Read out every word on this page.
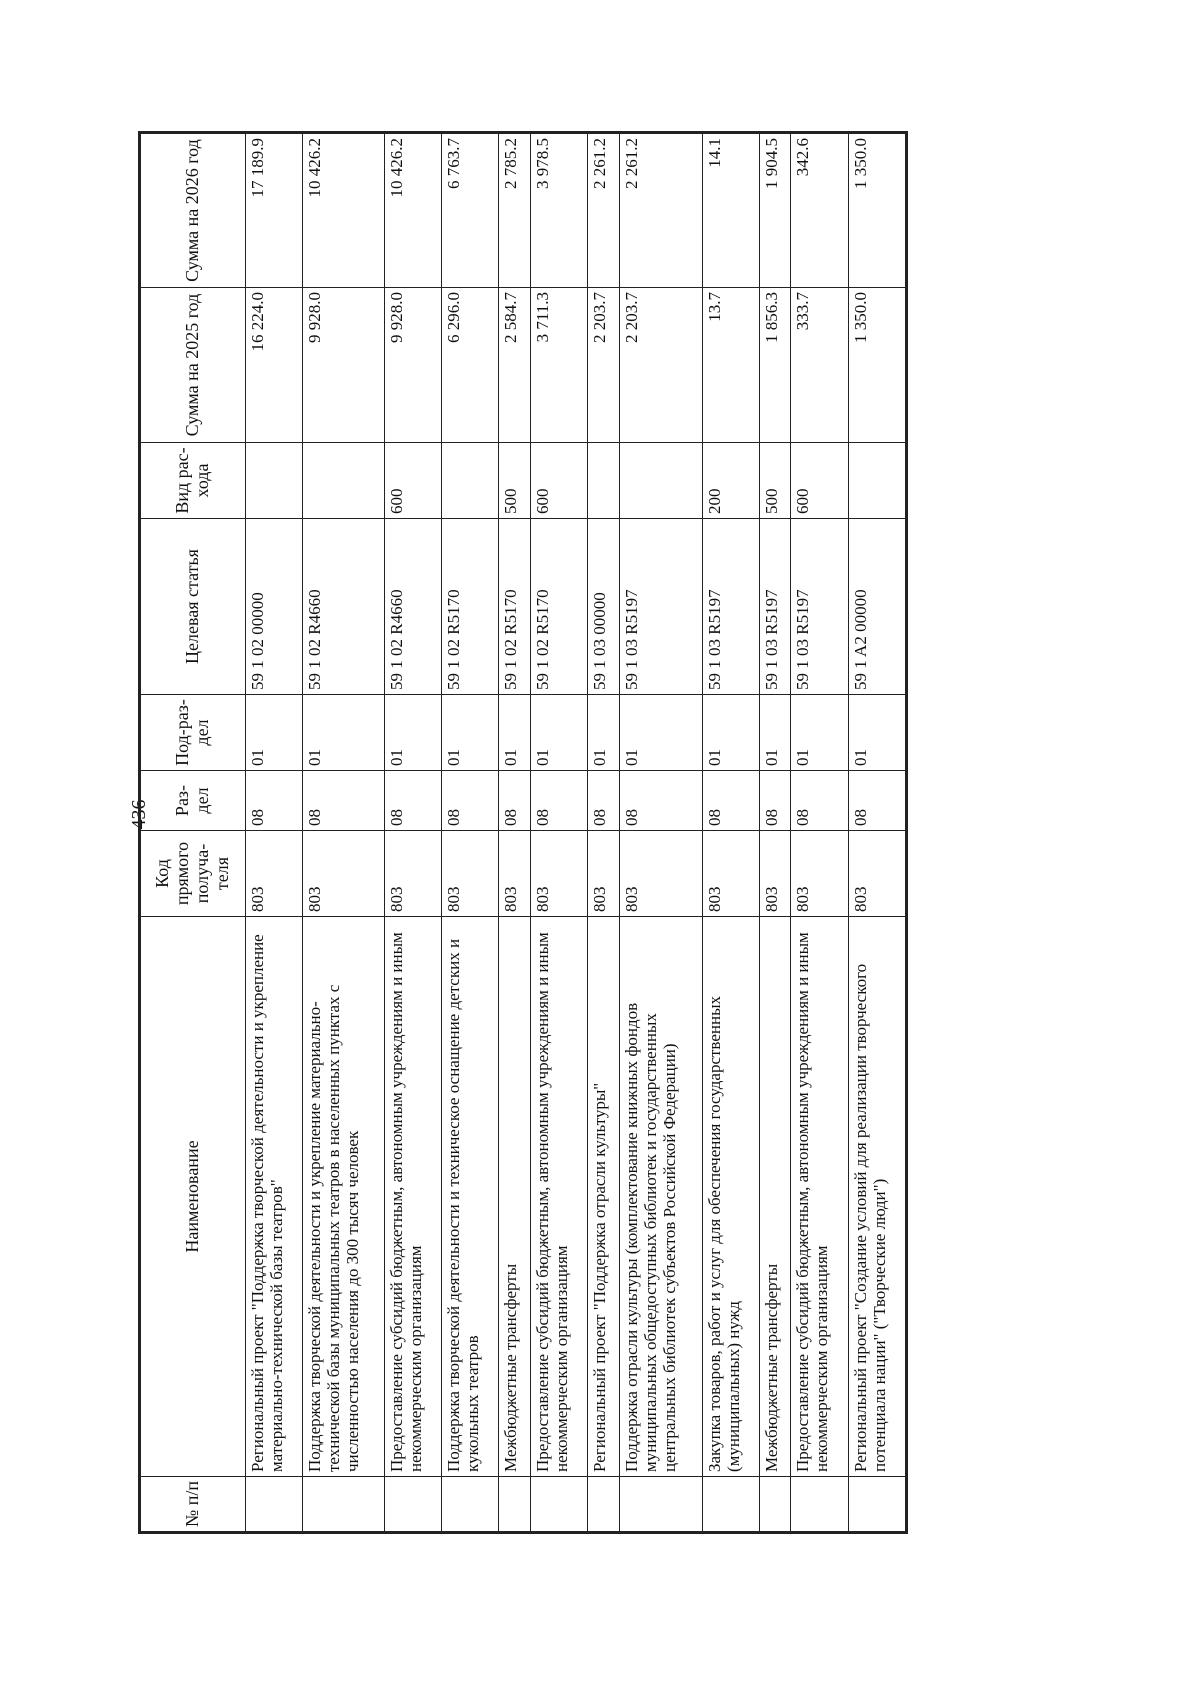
- 436 -
№ п/п	Наименование	Код прямого получа-теля	Раз-дел	Под-раз-дел	Целевая статья	Вид рас-хода	Сумма на 2025 год	Сумма на 2026 год
	Региональный проект "Поддержка творческой деятельности и укрепление материально-технической базы театров"	803	08	01	59 1 02 00000		16 224.0	17 189.9
	Поддержка творческой деятельности и укрепление материально-технической базы муниципальных театров в населенных пунктах с численностью населения до 300 тысяч человек	803	08	01	59 1 02 R4660		9 928.0	10 426.2
	Предоставление субсидий бюджетным, автономным учреждениям и иным некоммерческим организациям	803	08	01	59 1 02 R4660	600	9 928.0	10 426.2
	Поддержка творческой деятельности и техническое оснащение детских и кукольных театров	803	08	01	59 1 02 R5170		6 296.0	6 763.7
	Межбюджетные трансферты	803	08	01	59 1 02 R5170	500	2 584.7	2 785.2
	Предоставление субсидий бюджетным, автономным учреждениям и иным некоммерческим организациям	803	08	01	59 1 02 R5170	600	3 711.3	3 978.5
	Региональный проект "Поддержка отрасли культуры"	803	08	01	59 1 03 00000		2 203.7	2 261.2
	Поддержка отрасли культуры (комплектование книжных фондов муниципальных общедоступных библиотек и государственных центральных библиотек субъектов Российской Федерации)	803	08	01	59 1 03 R5197		2 203.7	2 261.2
	Закупка товаров, работ и услуг для обеспечения государственных (муниципальных) нужд	803	08	01	59 1 03 R5197	200	13.7	14.1
	Межбюджетные трансферты	803	08	01	59 1 03 R5197	500	1 856.3	1 904.5
	Предоставление субсидий бюджетным, автономным учреждениям и иным некоммерческим организациям	803	08	01	59 1 03 R5197	600	333.7	342.6
	Региональный проект "Создание условий для реализации творческого потенциала нации" ("Творческие люди")	803	08	01	59 1 A2 00000		1 350.0	1 350.0
